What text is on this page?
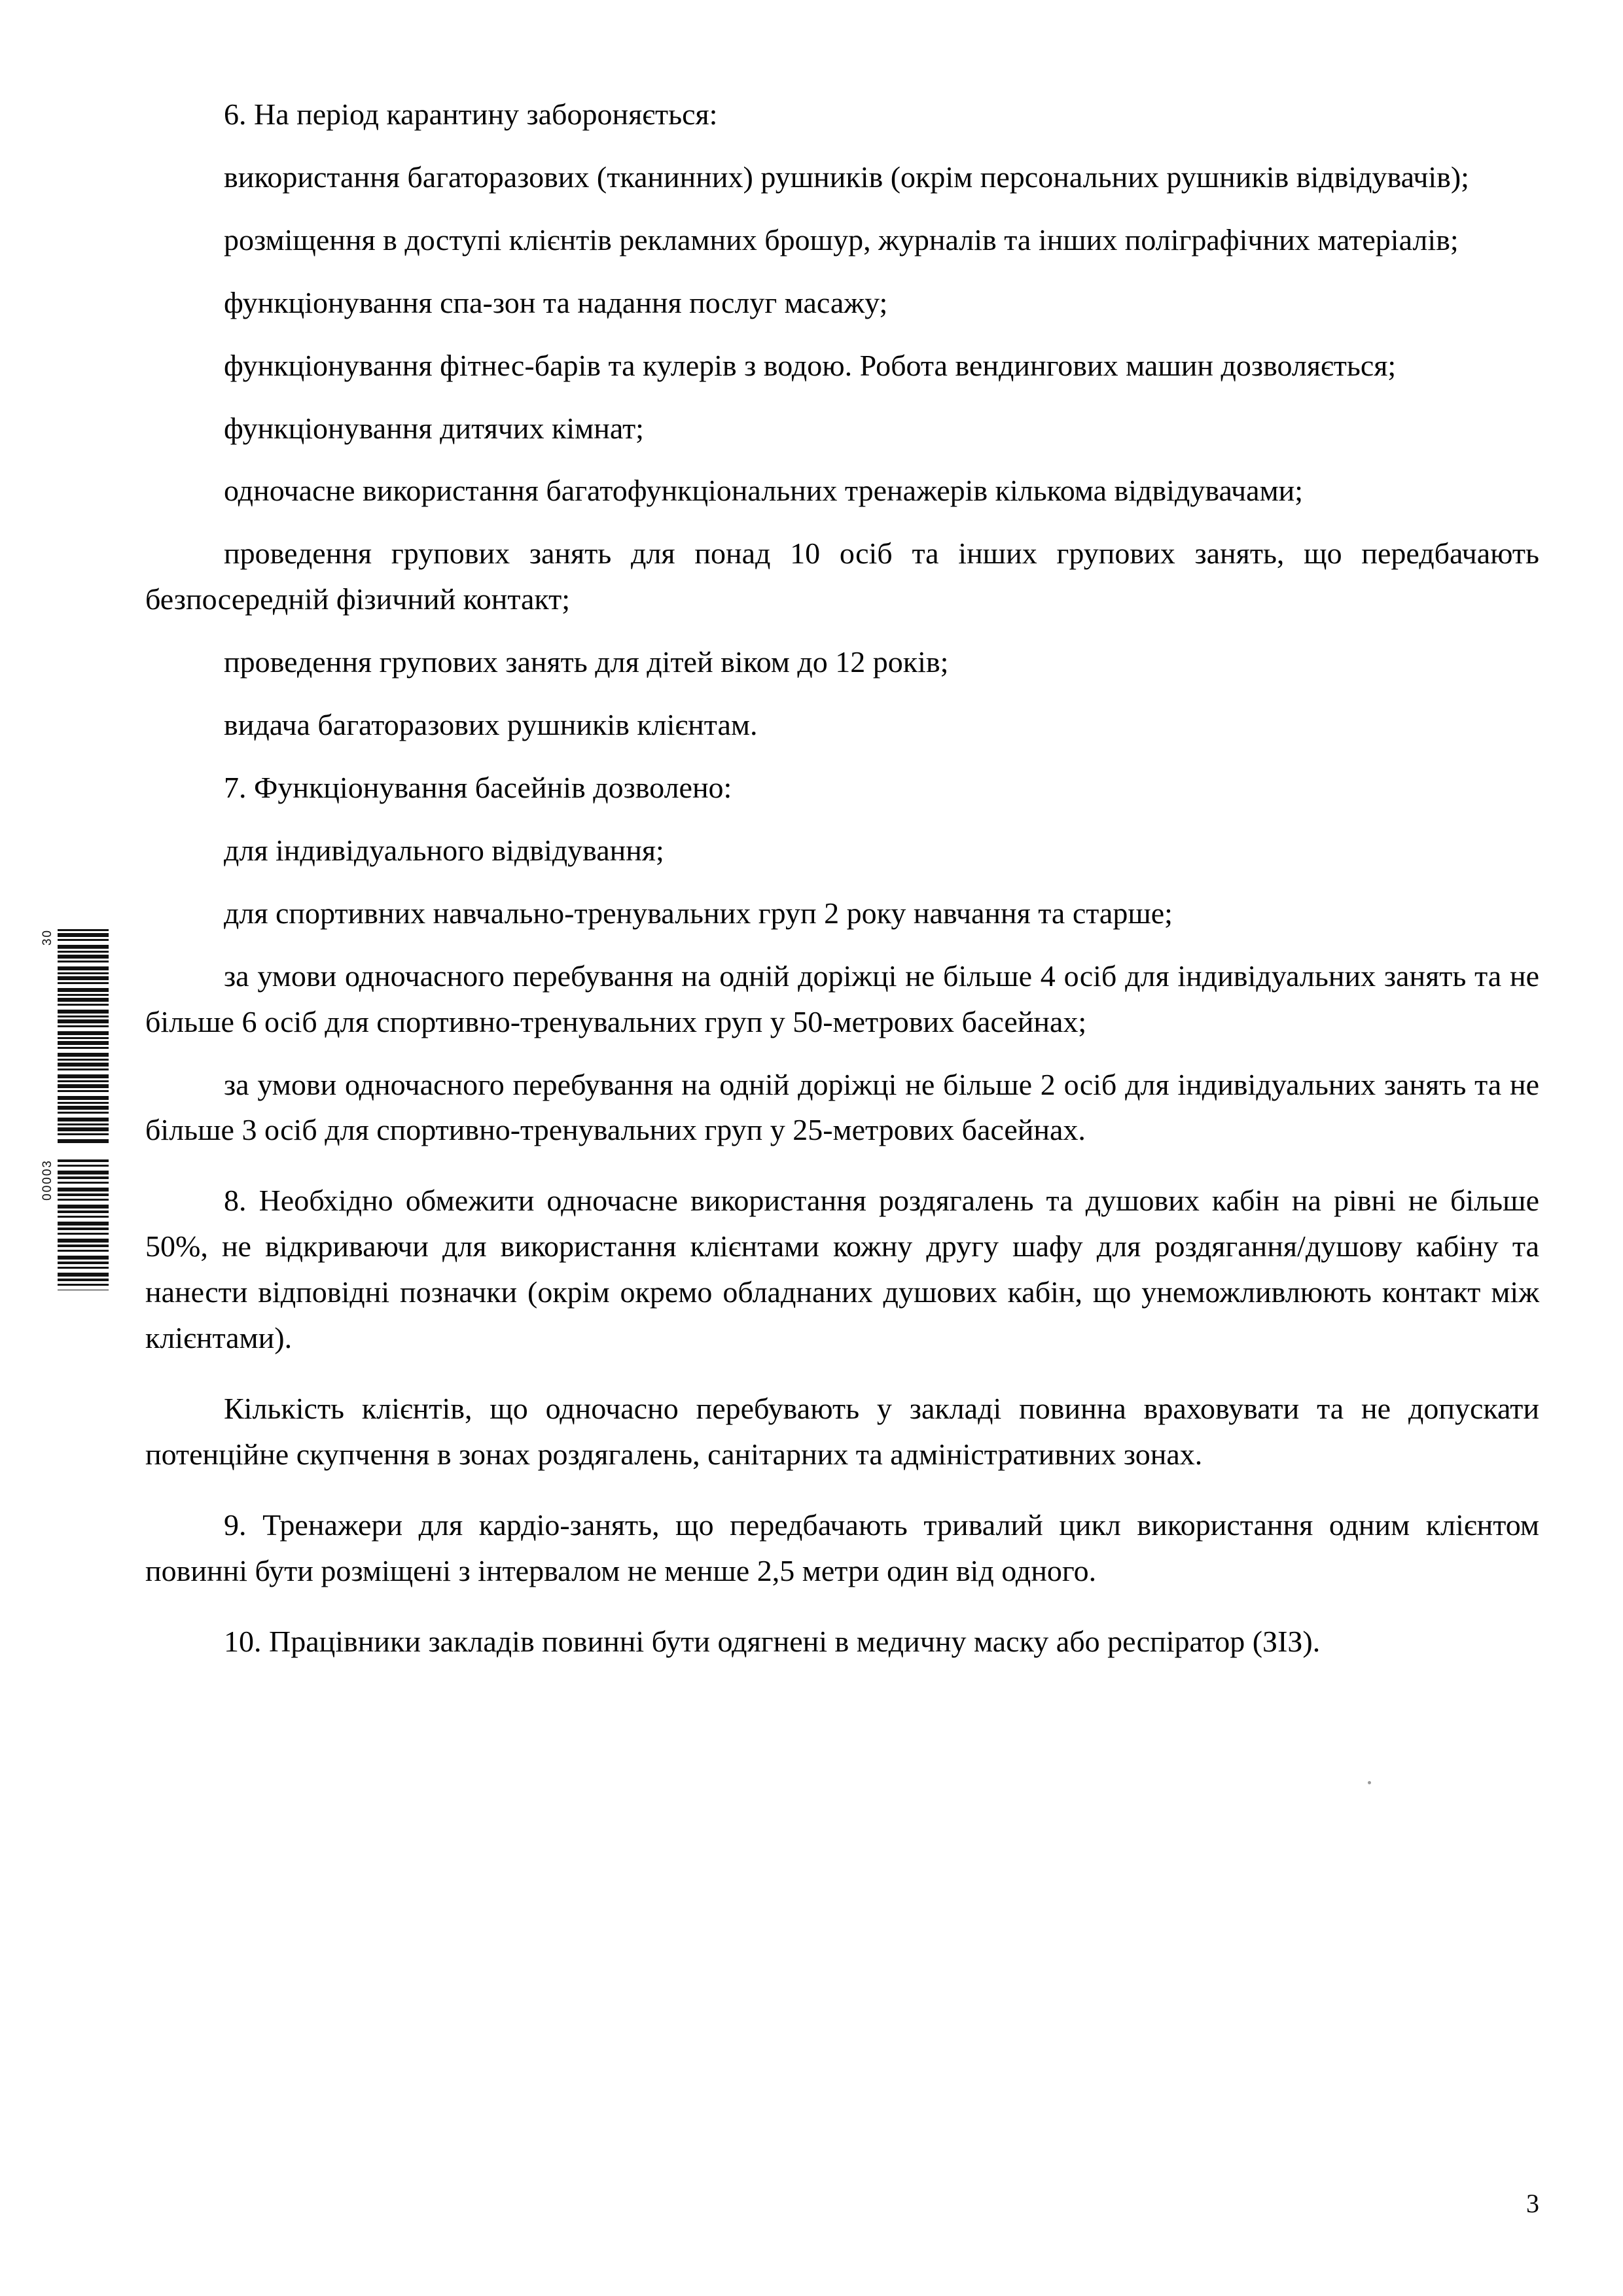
30
00003

6. На період карантину забороняється:

використання багаторазових (тканинних) рушників (окрім персональних рушників відвідувачів);

розміщення в доступі клієнтів рекламних брошур, журналів та інших поліграфічних матеріалів;

функціонування спа-зон та надання послуг масажу;

функціонування фітнес-барів та кулерів з водою. Робота вендингових машин дозволяється;

функціонування дитячих кімнат;

одночасне використання багатофункціональних тренажерів кількома відвідувачами;

проведення групових занять для понад 10 осіб та інших групових занять, що передбачають безпосередній фізичний контакт;

проведення групових занять для дітей віком до 12 років;

видача багаторазових рушників клієнтам.

7. Функціонування басейнів дозволено:

для індивідуального відвідування;

для спортивних навчально-тренувальних груп 2 року навчання та старше;

за умови одночасного перебування на одній доріжці не більше 4 осіб для індивідуальних занять та не більше 6 осіб для спортивно-тренувальних груп у 50-метрових басейнах;

за умови одночасного перебування на одній доріжці не більше 2 осіб для індивідуальних занять та не більше 3 осіб для спортивно-тренувальних груп у 25-метрових басейнах.

8. Необхідно обмежити одночасне використання роздягалень та душових кабін на рівні не більше 50%, не відкриваючи для використання клієнтами кожну другу шафу для роздягання/душову кабіну та нанести відповідні позначки (окрім окремо обладнаних душових кабін, що унеможливлюють контакт між клієнтами).

Кількість клієнтів, що одночасно перебувають у закладі повинна враховувати та не допускати потенційне скупчення в зонах роздягалень, санітарних та адміністративних зонах.

9. Тренажери для кардіо-занять, що передбачають тривалий цикл використання одним клієнтом повинні бути розміщені з інтервалом не менше 2,5 метри один від одного.

10. Працівники закладів повинні бути одягнені в медичну маску або респіратор (ЗІЗ).

3
